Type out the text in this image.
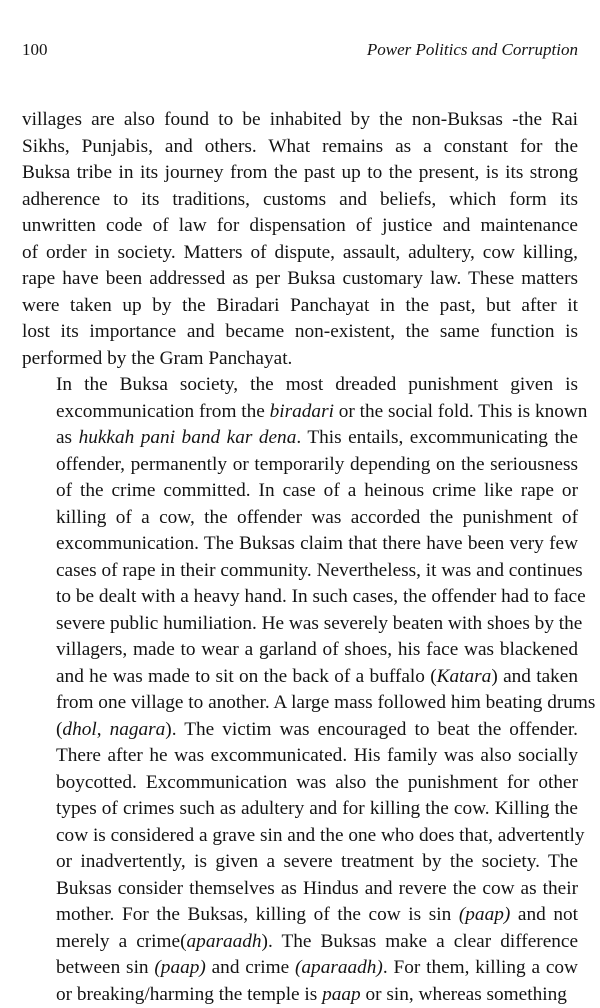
100	Power Politics and Corruption

villages are also found to be inhabited by the non-Buksas -the Rai
Sikhs, Punjabis, and others. What remains as a constant for the
Buksa tribe in its journey from the past up to the present, is its strong
adherence to its traditions, customs and beliefs, which form its
unwritten code of law for dispensation of justice and maintenance
of order in society. Matters of dispute, assault, adultery, cow killing,
rape have been addressed as per Buksa customary law. These matters
were taken up by the Biradari Panchayat in the past, but after it
lost its importance and became non-existent, the same function is
performed by the Gram Panchayat.

In the Buksa society, the most dreaded punishment given is
excommunication from the biradari or the social fold. This is known
as hukkah pani band kar dena. This entails, excommunicating the
offender, permanently or temporarily depending on the seriousness
of the crime committed. In case of a heinous crime like rape or
killing of a cow, the offender was accorded the punishment of
excommunication. The Buksas claim that there have been very few
cases of rape in their community. Nevertheless, it was and continues
to be dealt with a heavy hand. In such cases, the offender had to face
severe public humiliation. He was severely beaten with shoes by the
villagers, made to wear a garland of shoes, his face was blackened
and he was made to sit on the back of a buffalo (Katara) and taken
from one village to another. A large mass followed him beating drums
(dhol, nagara). The victim was encouraged to beat the offender.
There after he was excommunicated. His family was also socially
boycotted. Excommunication was also the punishment for other
types of crimes such as adultery and for killing the cow. Killing the
cow is considered a grave sin and the one who does that, advertently
or inadvertently, is given a severe treatment by the society. The
Buksas consider themselves as Hindus and revere the cow as their
mother. For the Buksas, killing of the cow is sin (paap) and not
merely a crime(aparaadh). The Buksas make a clear difference
between sin (paap) and crime (aparaadh). For them, killing a cow
or breaking/harming the temple is paap or sin, whereas something
